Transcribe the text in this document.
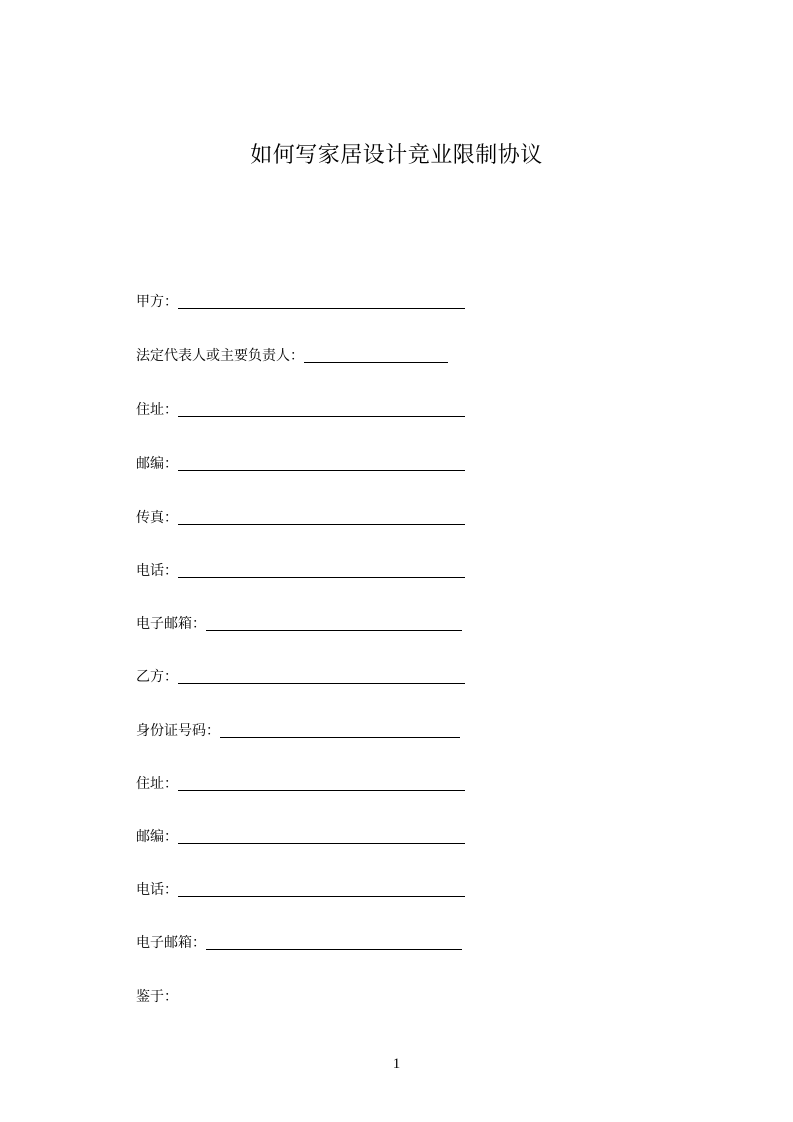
如何写家居设计竞业限制协议
甲方：
法定代表人或主要负责人：
住址：
邮编：
传真：
电话：
电子邮箱：
乙方：
身份证号码：
住址：
邮编：
电话：
电子邮箱：
鉴于：
1
